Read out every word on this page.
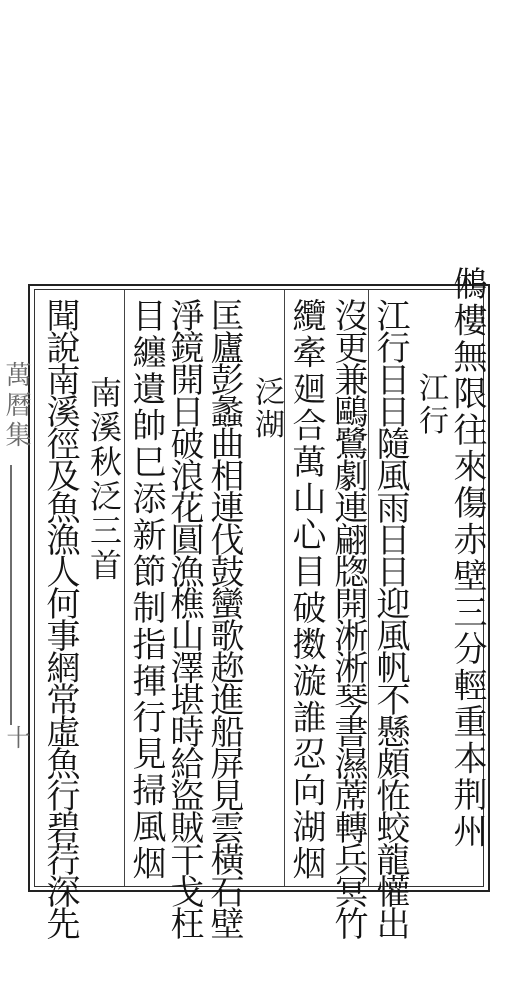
鵂樓無限往來傷赤壁三分輕重本荆州
江行
江行日日隨風雨日日迎風帆不懸頗恠蛟龍懽出
沒更兼鷗鷺劇連翩牎開淅淅琴書濕蓆轉兵冥竹
泛湖 纜牽廻合萬山心目破擞漩誰忍向湖烟
匡廬彭蠡曲相連伐鼓蠻歌趂進船屏見雲橫石壁
淨鏡開日破浪花圓漁樵山澤堪時給盜賊干戈枉
目纏遺帥巳添新節制指揮行見掃風烟
南溪秋泛三首
聞說南溪徑及魚漁人何事網常虛魚行碧荇深先
萬曆集
十
